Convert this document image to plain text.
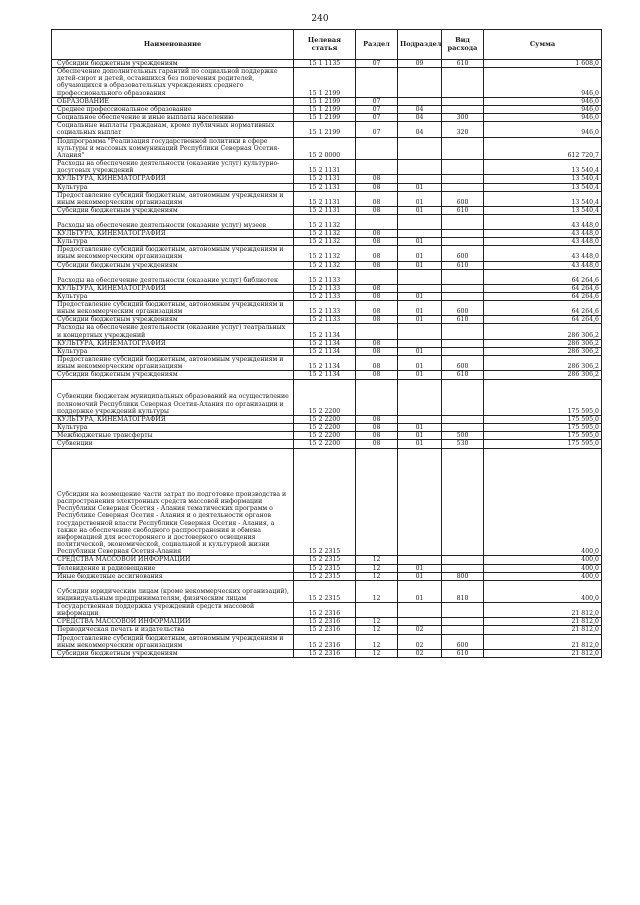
240
Наименование	Целевая статья	Раздел	Подраздел	Вид расхода	Сумма
Субсидии бюджетным учреждениям	15 1 1135	07	09	610	1 608,0
Обеспечение дополнительных гарантий по социальной поддержке детей-сирот и детей, оставшихся без попечения родителей, обучающихся в образовательных учреждениях среднего профессионального образования	15 1 2199				946,0
ОБРАЗОВАНИЕ	15 1 2199	07			946,0
Среднее профессиональное образование	15 1 2199	07	04		946,0
Социальное обеспечение и иные выплаты населению	15 1 2199	07	04	300	946,0
Социальные выплаты гражданам, кроме публичных нормативных социальных выплат	15 1 2199	07	04	320	946,0
Подпрограмма "Реализация государственной политики в сфере культуры и массовых коммуникаций Республики Северная Осетия-Алания"	15 2 0000				612 720,7
Расходы на обеспечение деятельности (оказание услуг) культурно-досуговых учреждений	15 2 1131				13 540,4
КУЛЬТУРА, КИНЕМАТОГРАФИЯ	15 2 1131	08			13 540,4
Культура	15 2 1131	08	01		13 540,4
Предоставление субсидий бюджетным, автономным учреждениям и иным некоммерческим организациям	15 2 1131	08	01	600	13 540,4
Субсидии бюджетным учреждениям	15 2 1131	08	01	610	13 540,4
Расходы на обеспечение деятельности (оказание услуг) музеев	15 2 1132				43 448,0
КУЛЬТУРА, КИНЕМАТОГРАФИЯ	15 2 1132	08			43 448,0
Культура	15 2 1132	08	01		43 448,0
Предоставление субсидий бюджетным, автономным учреждениям и иным некоммерческим организациям	15 2 1132	08	01	600	43 448,0
Субсидии бюджетным учреждениям	15 2 1132	08	01	610	43 448,0
Расходы на обеспечение деятельности (оказание услуг) библиотек	15 2 1133				64 264,6
КУЛЬТУРА, КИНЕМАТОГРАФИЯ	15 2 1133	08			64 264,6
Культура	15 2 1133	08	01		64 264,6
Предоставление субсидий бюджетным, автономным учреждениям и иным некоммерческим организациям	15 2 1133	08	01	600	64 264,6
Субсидии бюджетным учреждениям	15 2 1133	08	01	610	64 264,6
Расходы на обеспечение деятельности (оказание услуг) театральных и концертных учреждений	15 2 1134				286 306,2
КУЛЬТУРА, КИНЕМАТОГРАФИЯ	15 2 1134	08			286 306,2
Культура	15 2 1134	08	01		286 306,2
Предоставление субсидий бюджетным, автономным учреждениям и иным некоммерческим организациям	15 2 1134	08	01	600	286 306,2
Субсидии бюджетным учреждениям	15 2 1134	08	01	610	286 306,2
Субвенции бюджетам муниципальных образований на осуществление полномочий Республики Северная Осетия-Алания по организации и поддержке учреждений культуры	15 2 2200				175 595,0
КУЛЬТУРА, КИНЕМАТОГРАФИЯ	15 2 2200	08			175 595,0
Культура	15 2 2200	08	01		175 595,0
Межбюджетные трансферты	15 2 2200	08	01	500	175 595,0
Субвенции	15 2 2200	08	01	530	175 595,0
Субсидии на возмещение части затрат по подготовке производства и распространения электронных средств массовой информации Республики Северная Осетия - Алания тематических программ о Республике Северная Осетия - Алания и о деятельности органов государственной власти Республики Северная Осетия - Алания, а также на обеспечение свободного распространения и обмена информацией для всестороннего и достоверного освещения политической, экономической, социальной и культурной жизни Республики Северная Осетия-Алания	15 2 2315				400,0
СРЕДСТВА МАССОВОЙ ИНФОРМАЦИИ	15 2 2315	12			400,0
Телевидение и радиовещание	15 2 2315	12	01		400,0
Иные бюджетные ассигнования	15 2 2315	12	01	800	400,0
Субсидии юридическим лицам (кроме некоммерческих организаций), индивидуальным предпринимателям, физическим лицам	15 2 2315	12	01	810	400,0
Государственная поддержка учреждений средств массовой информации	15 2 2316				21 812,0
СРЕДСТВА МАССОВОЙ ИНФОРМАЦИИ	15 2 2316	12			21 812,0
Периодическая печать и издательства	15 2 2316	12	02		21 812,0
Предоставление субсидий бюджетным, автономным учреждениям и иным некоммерческим организациям	15 2 2316	12	02	600	21 812,0
Субсидии бюджетным учреждениям	15 2 2316	12	02	610	21 812,0
